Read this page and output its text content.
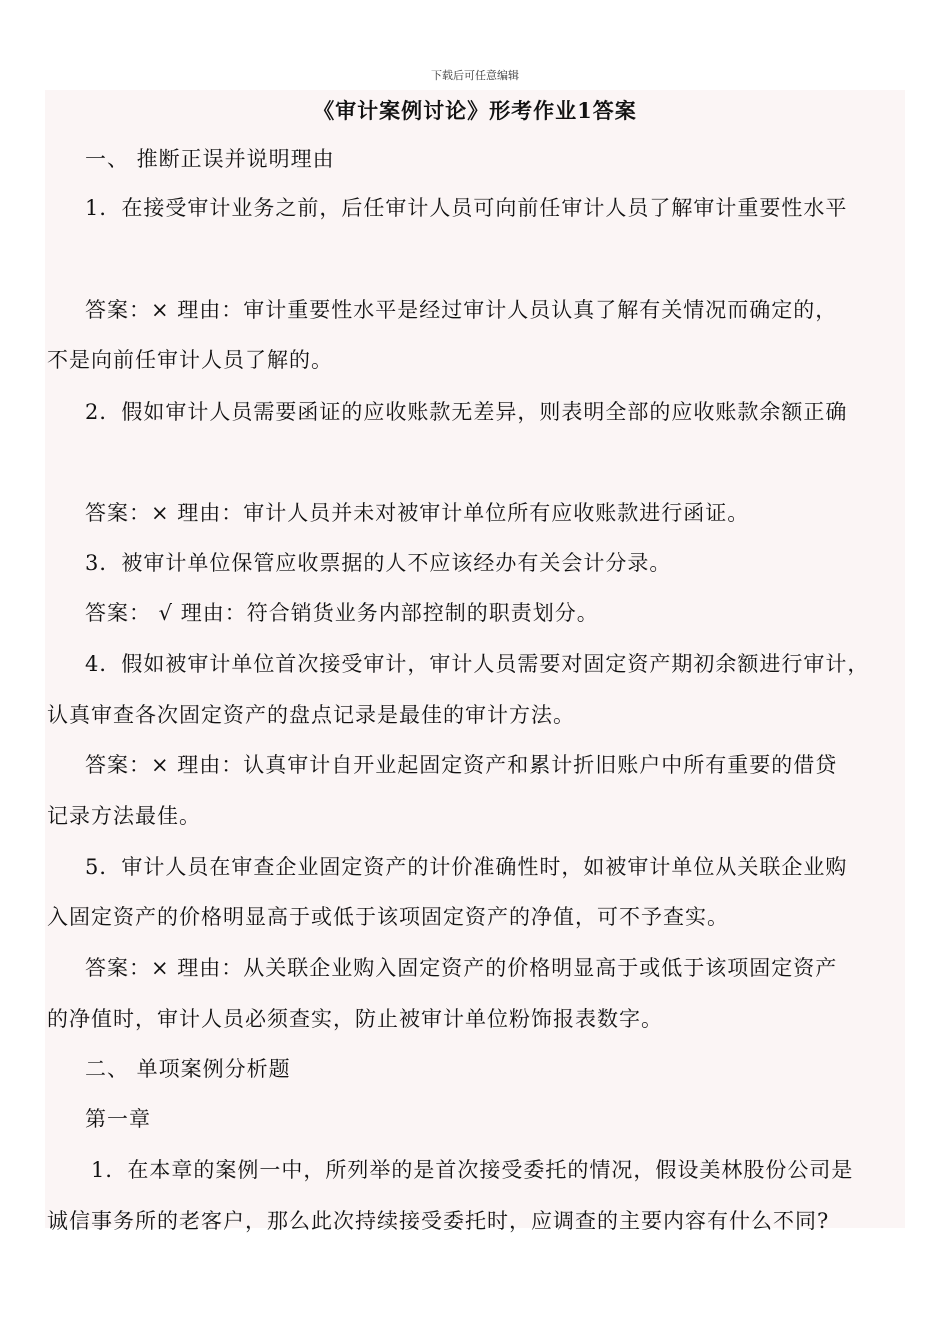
下载后可任意编辑
《审计案例讨论》形考作业1答案
一、 推断正误并说明理由
1．在接受审计业务之前，后任审计人员可向前任审计人员了解审计重要性水平
答案：× 理由：审计重要性水平是经过审计人员认真了解有关情况而确定的，
不是向前任审计人员了解的。
2．假如审计人员需要函证的应收账款无差异，则表明全部的应收账款余额正确
答案：× 理由：审计人员并未对被审计单位所有应收账款进行函证。
3．被审计单位保管应收票据的人不应该经办有关会计分录。
答案： √ 理由：符合销货业务内部控制的职责划分。
4．假如被审计单位首次接受审计，审计人员需要对固定资产期初余额进行审计，
认真审查各次固定资产的盘点记录是最佳的审计方法。
答案：× 理由：认真审计自开业起固定资产和累计折旧账户中所有重要的借贷
记录方法最佳。
5．审计人员在审查企业固定资产的计价准确性时，如被审计单位从关联企业购
入固定资产的价格明显高于或低于该项固定资产的净值，可不予查实。
答案：× 理由：从关联企业购入固定资产的价格明显高于或低于该项固定资产
的净值时，审计人员必须查实，防止被审计单位粉饰报表数字。
二、 单项案例分析题
第一章
1．在本章的案例一中，所列举的是首次接受委托的情况，假设美林股份公司是
诚信事务所的老客户，那么此次持续接受委托时，应调查的主要内容有什么不同?
